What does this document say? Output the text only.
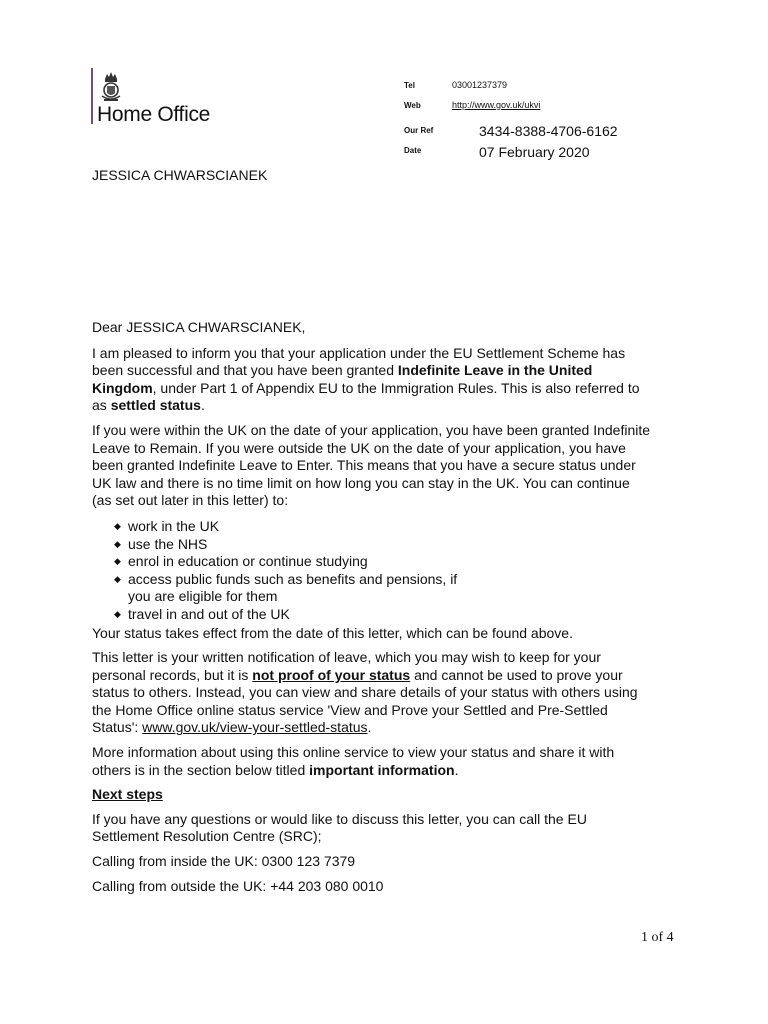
Home Office
Tel	03001237379
Web	http://www.gov.uk/ukvi
Our Ref	3434-8388-4706-6162
Date	07 February 2020
JESSICA CHWARSCIANEK

Dear JESSICA CHWARSCIANEK,

I am pleased to inform you that your application under the EU Settlement Scheme has been successful and that you have been granted Indefinite Leave in the United Kingdom, under Part 1 of Appendix EU to the Immigration Rules. This is also referred to as settled status.

If you were within the UK on the date of your application, you have been granted Indefinite Leave to Remain. If you were outside the UK on the date of your application, you have been granted Indefinite Leave to Enter. This means that you have a secure status under UK law and there is no time limit on how long you can stay in the UK. You can continue (as set out later in this letter) to:

◆ work in the UK
◆ use the NHS
◆ enrol in education or continue studying
◆ access public funds such as benefits and pensions, if you are eligible for them
◆ travel in and out of the UK

Your status takes effect from the date of this letter, which can be found above.

This letter is your written notification of leave, which you may wish to keep for your personal records, but it is not proof of your status and cannot be used to prove your status to others. Instead, you can view and share details of your status with others using the Home Office online status service 'View and Prove your Settled and Pre-Settled Status': www.gov.uk/view-your-settled-status.

More information about using this online service to view your status and share it with others is in the section below titled important information.

Next steps

If you have any questions or would like to discuss this letter, you can call the EU Settlement Resolution Centre (SRC);

Calling from inside the UK: 0300 123 7379

Calling from outside the UK: +44 203 080 0010

1 of 4
